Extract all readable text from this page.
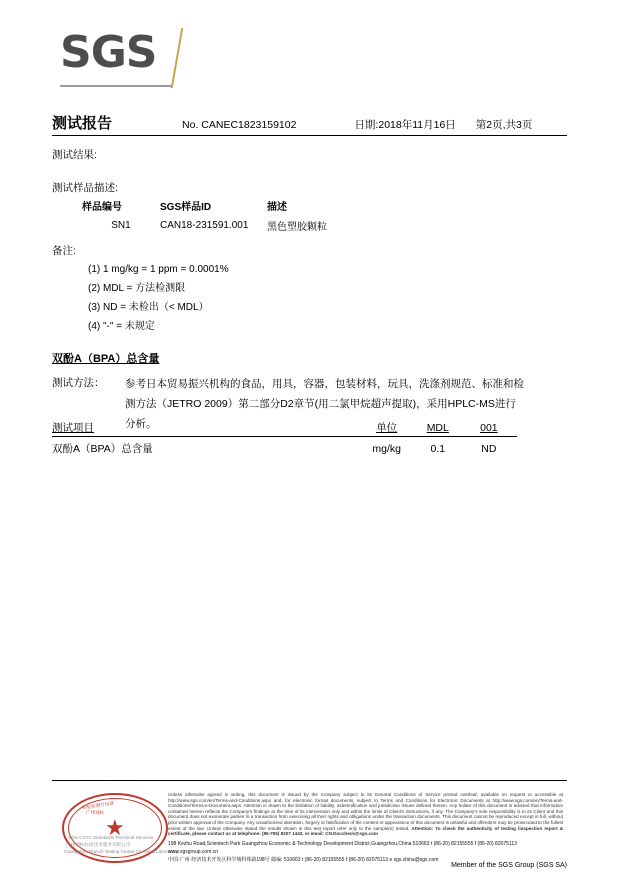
SGS
测试报告	No. CANEC1823159102	日期:2018年11月16日 第2页,共3页
测试结果:
测试样品描述:
样品编号	SGS样品ID	描述
SN1	CAN18-231591.001	黑色塑胶颗粒
备注:
(1) 1 mg/kg = 1 ppm = 0.0001%
(2) MDL = 方法检测限
(3) ND = 未检出（< MDL）
(4) "-" = 未规定
双酚A（BPA）总含量
测试方法： 参考日本贸易振兴机构的食品，用具，容器，包装材料，玩具，洗涤剂规范、标准和检测方法（JETRO 2009）第二部分D2章节(用二氯甲烷超声提取)，采用HPLC-MS进行分析。
测试项目	单位	MDL	001
双酚A（BPA）总含量	mg/kg	0.1	ND
★
检验检测专用章
广州通标
SGS-CSTC Standards Technical Services
广州通标标准技术服务有限公司
Guangzhou Branch Testing Center Chemical Laboratory
Unless otherwise agreed in writing, this document is issued by the Company subject to its General Conditions of Service printed overleaf, available on request or accessible at http://www.sgs.com/en/Terms-and-Conditions.aspx and, for electronic format documents, subject to Terms and Conditions for Electronic Documents at http://www.sgs.com/en/Terms-and-Conditions/Terms-e-Document.aspx. Attention is drawn to the limitation of liability, indemnification and jurisdiction issues defined therein. Any holder of this document is advised that information contained hereon reflects the Company's findings at the time of its intervention only and within the limits of Client's instructions, if any. The Company's sole responsibility is to its Client and this document does not exonerate parties to a transaction from exercising all their rights and obligations under the transaction documents. This document cannot be reproduced except in full, without prior written approval of the Company. Any unauthorized alteration, forgery or falsification of the content or appearance of this document is unlawful and offenders may be prosecuted to the fullest extent of the law. Unless otherwise stated the results shown in this test report refer only to the sample(s) tested. Attention: To check the authenticity of testing /inspection report & certificate, please contact us at telephone: (86-755) 8307 1443, or email: CN.Doccheck@sgs.com
198 Kezhu Road,Scientech Park Guangzhou Economic & Technology Development District,Guangzhou,China 510663 t (86-20) 82155555 f (86-20) 82075113 www.sgsgroup.com.cn
中国·广州·经济技术开发区科学城科珠路198号 邮编: 510663 t (86-20) 82155555 f (86-20) 82075113 e sgs.china@sgs.com
Member of the SGS Group (SGS SA)
